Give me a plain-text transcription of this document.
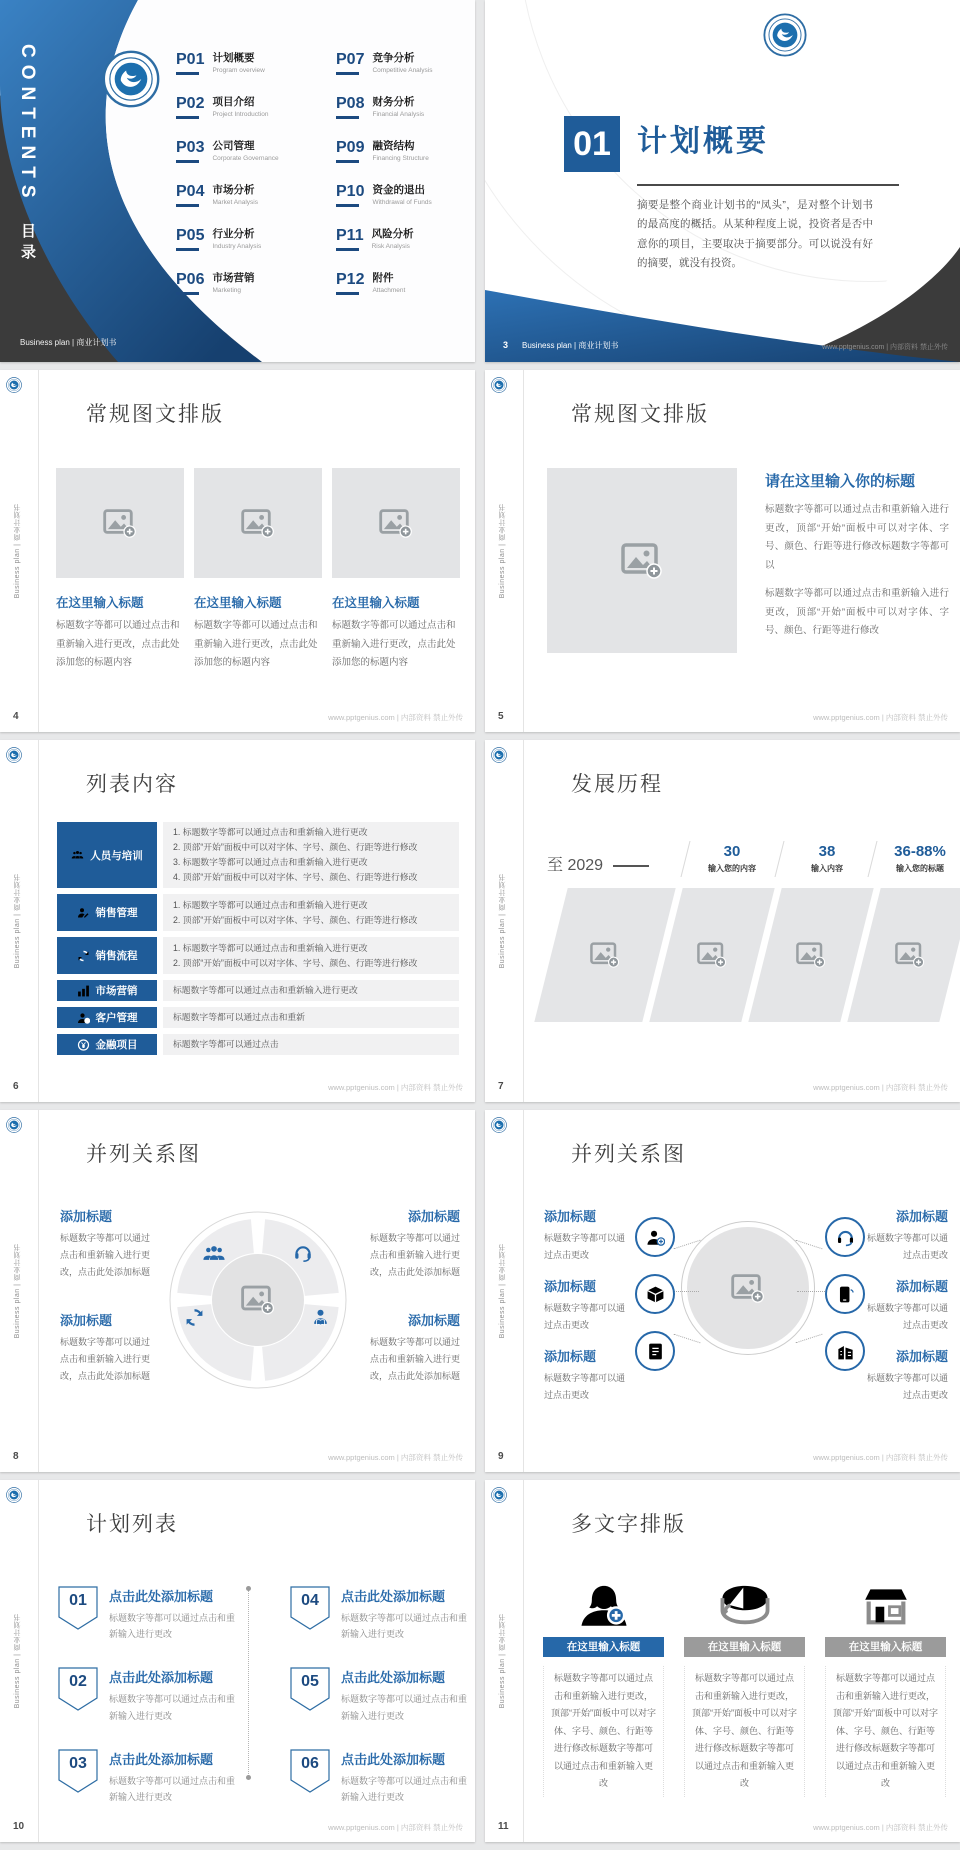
CONTENTS 目录
P01 计划概要
Program overview
P02 项目介绍
Project Introduction
P03 公司管理
Corporate Governance
P04 市场分析
Market Analysis
P05 行业分析
Industry Analysis
P06 市场营销
Marketing
P07 竞争分析
Competitive Analysis
P08 财务分析
Financial Analysis
P09 融资结构
Financing Structure
P10 资金的退出
Withdrawal of Funds
P11 风险分析
Risk Analysis
P12 附件
Attachment
Business plan | 商业计划书
01 计划概要
摘要是整个商业计划书的“凤头”，是对整个计划书的最高度的概括。从某种程度上说，投资者是否中意你的项目，主要取决于摘要部分。可以说没有好的摘要，就没有投资。
3 Business plan | 商业计划书	www.pptgenius.com | 内部资料 禁止外传
Business plan | 商业计划书
常规图文排版
在这里输入标题
标题数字等都可以通过点击和重新输入进行更改，点击此处添加您的标题内容
在这里输入标题
标题数字等都可以通过点击和重新输入进行更改，点击此处添加您的标题内容
在这里输入标题
标题数字等都可以通过点击和重新输入进行更改，点击此处添加您的标题内容
4	www.pptgenius.com | 内部资料 禁止外传
Business plan | 商业计划书
常规图文排版
请在这里输入你的标题
标题数字等都可以通过点击和重新输入进行更改，顶部“开始”面板中可以对字体、字号、颜色、行距等进行修改标题数字等都可以
标题数字等都可以通过点击和重新输入进行更改，顶部“开始”面板中可以对字体、字号、颜色、行距等进行修改
5	www.pptgenius.com | 内部资料 禁止外传
Business plan | 商业计划书
列表内容
人员与培训
1. 标题数字等都可以通过点击和重新输入进行更改
2. 顶部“开始”面板中可以对字体、字号、颜色、行距等进行修改
3. 标题数字等都可以通过点击和重新输入进行更改
4. 顶部“开始”面板中可以对字体、字号、颜色、行距等进行修改
销售管理
1. 标题数字等都可以通过点击和重新输入进行更改
2. 顶部“开始”面板中可以对字体、字号、颜色、行距等进行修改
销售流程
1. 标题数字等都可以通过点击和重新输入进行更改
2. 顶部“开始”面板中可以对字体、字号、颜色、行距等进行修改
市场营销	标题数字等都可以通过点击和重新输入进行更改
客户管理	标题数字等都可以通过点击和重新
金融项目	标题数字等都可以通过点击
6	www.pptgenius.com | 内部资料 禁止外传
Business plan | 商业计划书
发展历程
至 2029
30
输入您的内容
38
输入内容
36-88%
输入您的标题
7	www.pptgenius.com | 内部资料 禁止外传
Business plan | 商业计划书
并列关系图
添加标题

标题数字等都可以通过点击和重新输入进行更改，点击此处添加标题

添加标题

标题数字等都可以通过点击和重新输入进行更改，点击此处添加标题

添加标题

标题数字等都可以通过点击和重新输入进行更改，点击此处添加标题

添加标题

标题数字等都可以通过点击和重新输入进行更改，点击此处添加标题

8	www.pptgenius.com | 内部资料 禁止外传
Business plan | 商业计划书
并列关系图
添加标题

标题数字等都可以通过点击更改

添加标题

标题数字等都可以通过点击更改

添加标题

标题数字等都可以通过点击更改

添加标题

标题数字等都可以通过点击更改

添加标题

标题数字等都可以通过点击更改

添加标题

标题数字等都可以通过点击更改

9	www.pptgenius.com | 内部资料 禁止外传
Business plan | 商业计划书
计划列表
01	点击此处添加标题

标题数字等都可以通过点击和重新输入进行更改

02	点击此处添加标题

标题数字等都可以通过点击和重新输入进行更改

03	点击此处添加标题

标题数字等都可以通过点击和重新输入进行更改

04	点击此处添加标题

标题数字等都可以通过点击和重新输入进行更改

05	点击此处添加标题

标题数字等都可以通过点击和重新输入进行更改

06	点击此处添加标题

标题数字等都可以通过点击和重新输入进行更改

10	www.pptgenius.com | 内部资料 禁止外传
Business plan | 商业计划书
多文字排版
在这里输入标题
标题数字等都可以通过点击和重新输入进行更改，顶部“开始”面板中可以对字体、字号、颜色、行距等进行修改标题数字等都可以通过点击和重新输入更改
在这里输入标题
标题数字等都可以通过点击和重新输入进行更改，顶部“开始”面板中可以对字体、字号、颜色、行距等进行修改标题数字等都可以通过点击和重新输入更改
在这里输入标题
标题数字等都可以通过点击和重新输入进行更改，顶部“开始”面板中可以对字体、字号、颜色、行距等进行修改标题数字等都可以通过点击和重新输入更改
11	www.pptgenius.com | 内部资料 禁止外传
